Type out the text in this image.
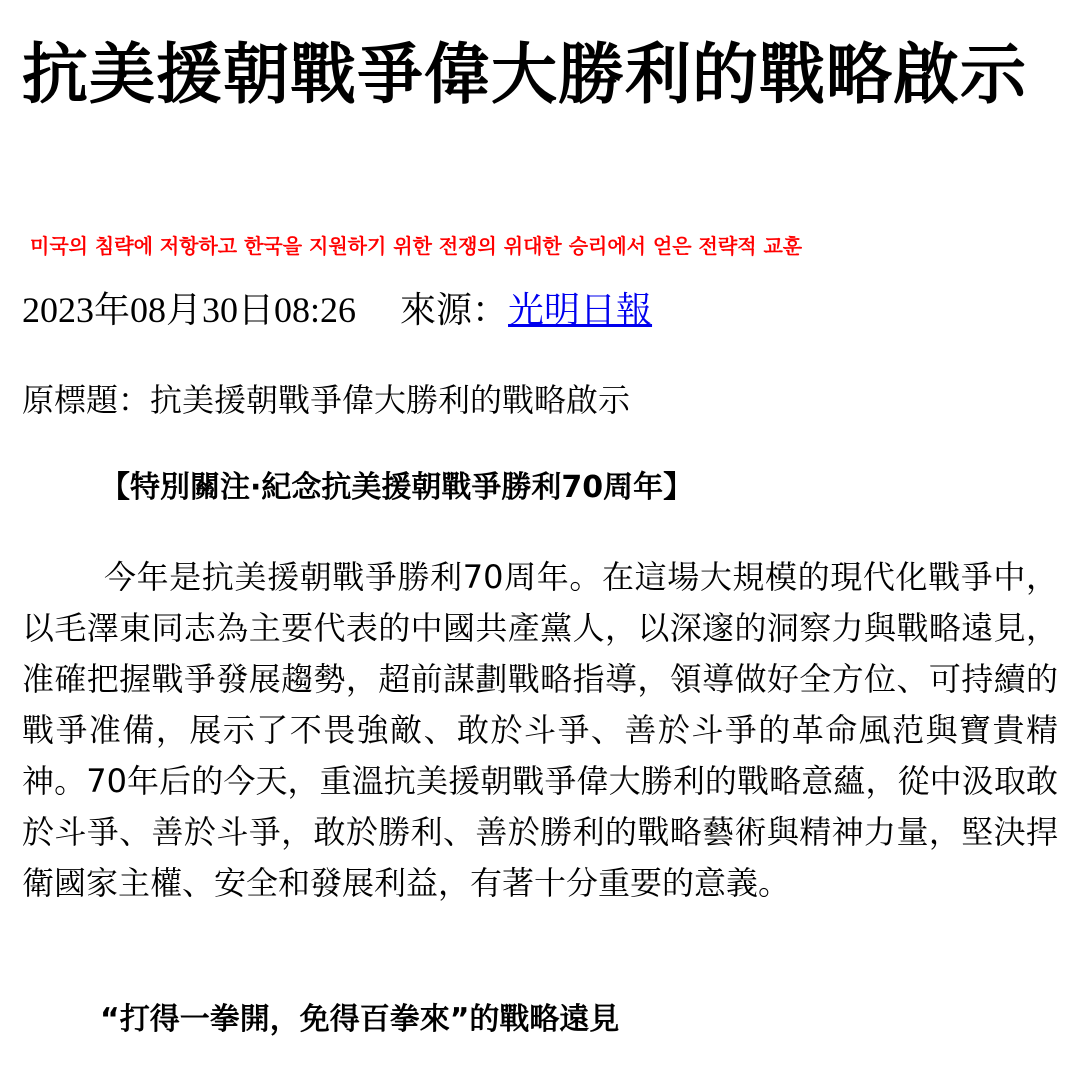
抗美援朝戰爭偉大勝利的戰略啟示
미국의 침략에 저항하고 한국을 지원하기 위한 전쟁의 위대한 승리에서 얻은 전략적 교훈
2023年08月30日08:26 來源：光明日報
原標題：抗美援朝戰爭偉大勝利的戰略啟示
【特別關注·紀念抗美援朝戰爭勝利70周年】

今年是抗美援朝戰爭勝利70周年。在這場大規模的現代化戰爭中，以毛澤東同志為主要代表的中國共產黨人，以深邃的洞察力與戰略遠見，准確把握戰爭發展趨勢，超前謀劃戰略指導，領導做好全方位、可持續的戰爭准備，展示了不畏強敵、敢於斗爭、善於斗爭的革命風范與寶貴精神。70年后的今天，重溫抗美援朝戰爭偉大勝利的戰略意蘊，從中汲取敢於斗爭、善於斗爭，敢於勝利、善於勝利的戰略藝術與精神力量，堅決捍衛國家主權、安全和發展利益，有著十分重要的意義。

“打得一拳開，免得百拳來”的戰略遠見
